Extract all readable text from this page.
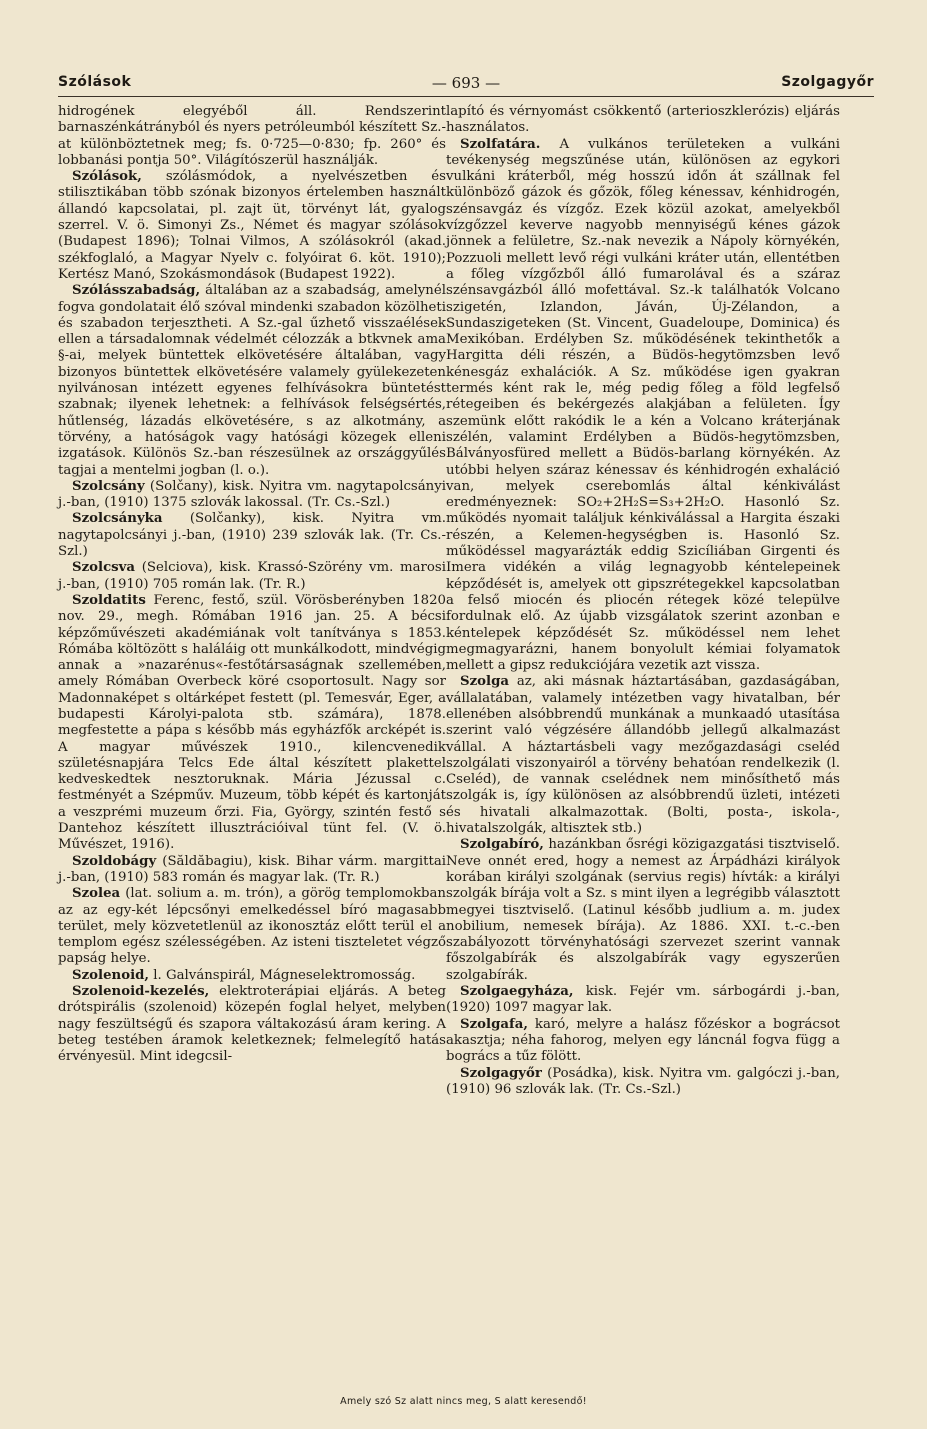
Szólások	— 693 —	Szolgagyőr

hidrogének elegyéből áll. Rendszerint barnaszénkátrányból és nyers petróleumból készített Sz.-at különböztetnek meg; fs. 0·725—0·830; fp. 260° és lobbanási pontja 50°. Világítószerül használják.

Szólások, szólásmódok, a nyelvészetben és stilisztikában több szónak bizonyos értelemben használt állandó kapcsolatai, pl. zajt üt, törvényt lát, gyalog szerrel. V. ö. Simonyi Zs., Német és magyar szólások (Budapest 1896); Tolnai Vilmos, A szólásokról (akad. székfoglaló, a Magyar Nyelv c. folyóirat 6. köt. 1910); Kertész Manó, Szokásmondások (Budapest 1922).

Szólásszabadság, általában az a szabadság, amelynél fogva gondolatait élő szóval mindenki szabadon közölheti és szabadon terjesztheti. A Sz.-gal űzhető visszaélések ellen a társadalomnak védelmét célozzák a btkvnek ama §-ai, melyek büntettek elkövetésére általában, vagy bizonyos büntettek elkövetésére valamely gyülekezeten nyilvánosan intézett egyenes felhívásokra büntetést szabnak; ilyenek lehetnek: a felhívások felségsértés, hűtlenség, lázadás elkövetésére, s az alkotmány, a törvény, a hatóságok vagy hatósági közegek elleni izgatások. Különös Sz.-ban részesülnek az országgyűlés tagjai a mentelmi jogban (l. o.).

Szolcsány (Solčany), kisk. Nyitra vm. nagytapolcsányi j.-ban, (1910) 1375 szlovák lakossal. (Tr. Cs.-Szl.)

Szolcsányka (Solčanky), kisk. Nyitra vm. nagytapolcsányi j.-ban, (1910) 239 szlovák lak. (Tr. Cs.-Szl.)

Szolcsva (Selciova), kisk. Krassó-Szörény vm. marosi j.-ban, (1910) 705 román lak. (Tr. R.)

Szoldatits Ferenc, festő, szül. Vörösberényben 1820 nov. 29., megh. Rómában 1916 jan. 25. A bécsi képzőművészeti akadémiának volt tanítványa s 1853. Rómába költözött s haláláig ott munkálkodott, mindvégig annak a »nazarénus«-festőtársaságnak szellemében, amely Rómában Overbeck köré csoportosult. Nagy sor Madonnaképet s oltárképet festett (pl. Temesvár, Eger, a budapesti Károlyi-palota stb. számára), 1878. megfestette a pápa s később más egyházfők arcképét is. A magyar művészek 1910., kilencvenedik születésnapjára Telcs Ede által készített plakettel kedveskedtek nesztoruknak. Mária Jézussal c. festményét a Szépműv. Muzeum, több képét és kartonját a veszprémi muzeum őrzi. Fia, György, szintén festő s Dantehoz készített illusztrációival tünt fel. (V. ö. Művészet, 1916).

Szoldobágy (Săldăbagiu), kisk. Bihar várm. margittai j.-ban, (1910) 583 román és magyar lak. (Tr. R.)

Szolea (lat. solium a. m. trón), a görög templomokban az az egy-két lépcsőnyi emelkedéssel bíró magasabb terület, mely közvetetlenül az ikonosztáz előtt terül el a templom egész szélességében. Az isteni tiszteletet végző papság helye.

Szolenoid, l. Galvánspirál, Mágneselektromosság.

Szolenoid-kezelés, elektroterápiai eljárás. A beteg drótspirális (szolenoid) közepén foglal helyet, melyben nagy feszültségű és szapora váltakozású áram kering. A beteg testében áramok keletkeznek; felmelegítő hatás érvényesül. Mint idegcsil-

lapító és vérnyomást csökkentő (arterioszklerózis) eljárás használatos.

Szolfatára. A vulkános területeken a vulkáni tevékenység megszűnése után, különösen az egykori vulkáni kráterből, még hosszú időn át szállnak fel különböző gázok és gőzök, főleg kénessav, kénhidrogén, szénsavgáz és vízgőz. Ezek közül azokat, amelyekből vízgőzzel keverve nagyobb mennyiségű kénes gázok jönnek a felületre, Sz.-nak nevezik a Nápoly környékén, Pozzuoli mellett levő régi vulkáni kráter után, ellentétben a főleg vízgőzből álló fumarolával és a száraz szénsavgázból álló mofettával. Sz.-k találhatók Volcano szigetén, Izlandon, Jáván, Új-Zélandon, a Sundaszigeteken (St. Vincent, Guadeloupe, Dominica) és Mexikóban. Erdélyben Sz. működésének tekinthetők a Hargitta déli részén, a Büdös-hegytömzsben levő kénesgáz exhalációk. A Sz. működése igen gyakran termés ként rak le, még pedig főleg a föld legfelső rétegeiben és bekérgezés alakjában a felületen. Így szemünk előtt rakódik le a kén a Volcano kráterjának szélén, valamint Erdélyben a Büdös-hegytömzsben, Bálványosfüred mellett a Büdös-barlang környékén. Az utóbbi helyen száraz kénessav és kénhidrogén exhaláció van, melyek cserebomlás által kénkiválást eredményeznek: SO₂+2H₂S=S₃+2H₂O. Hasonló Sz. működés nyomait találjuk kénkiválással a Hargita északi részén, a Kelemen-hegységben is. Hasonló Sz. működéssel magyarázták eddig Szicíliában Girgenti és Imera vidékén a világ legnagyobb kéntelepeinek képződését is, amelyek ott gipszrétegekkel kapcsolatban a felső miocén és pliocén rétegek közé települve fordulnak elő. Az újabb vizsgálatok szerint azonban e kéntelepek képződését Sz. működéssel nem lehet megmagyarázni, hanem bonyolult kémiai folyamatok mellett a gipsz redukciójára vezetik azt vissza.

Szolga az, aki másnak háztartásában, gazdaságában, vállalatában, valamely intézetben vagy hivatalban, bér ellenében alsóbbrendű munkának a munkaadó utasítása szerint való végzésére állandóbb jellegű alkalmazást vállal. A háztartásbeli vagy mezőgazdasági cseléd szolgálati viszonyairól a törvény behatóan rendelkezik (l. Cseléd), de vannak cselédnek nem minősíthető más szolgák is, így különösen az alsóbbrendű üzleti, intézeti és hivatali alkalmazottak. (Bolti, posta-, iskola-, hivatalszolgák, altisztek stb.)

Szolgabíró, hazánkban ősrégi közigazgatási tisztviselő. Neve onnét ered, hogy a nemest az Árpádházi királyok korában királyi szolgának (servius regis) hívták: a királyi szolgák bírája volt a Sz. s mint ilyen a legrégibb választott megyei tisztviselő. (Latinul később judlium a. m. judex nobilium, nemesek bírája). Az 1886. XXI. t.-c.-ben szabályozott törvényhatósági szervezet szerint vannak főszolgabírák és alszolgabírák vagy egyszerűen szolgabírák.

Szolgaegyháza, kisk. Fejér vm. sárbogárdi j.-ban, (1920) 1097 magyar lak.

Szolgafa, karó, melyre a halász főzéskor a bográcsot akasztja; néha fahorog, melyen egy láncnál fogva függ a bogrács a tűz fölött.

Szolgagyőr (Posádka), kisk. Nyitra vm. galgóczi j.-ban, (1910) 96 szlovák lak. (Tr. Cs.-Szl.)

Amely szó Sz alatt nincs meg, S alatt keresendő!
